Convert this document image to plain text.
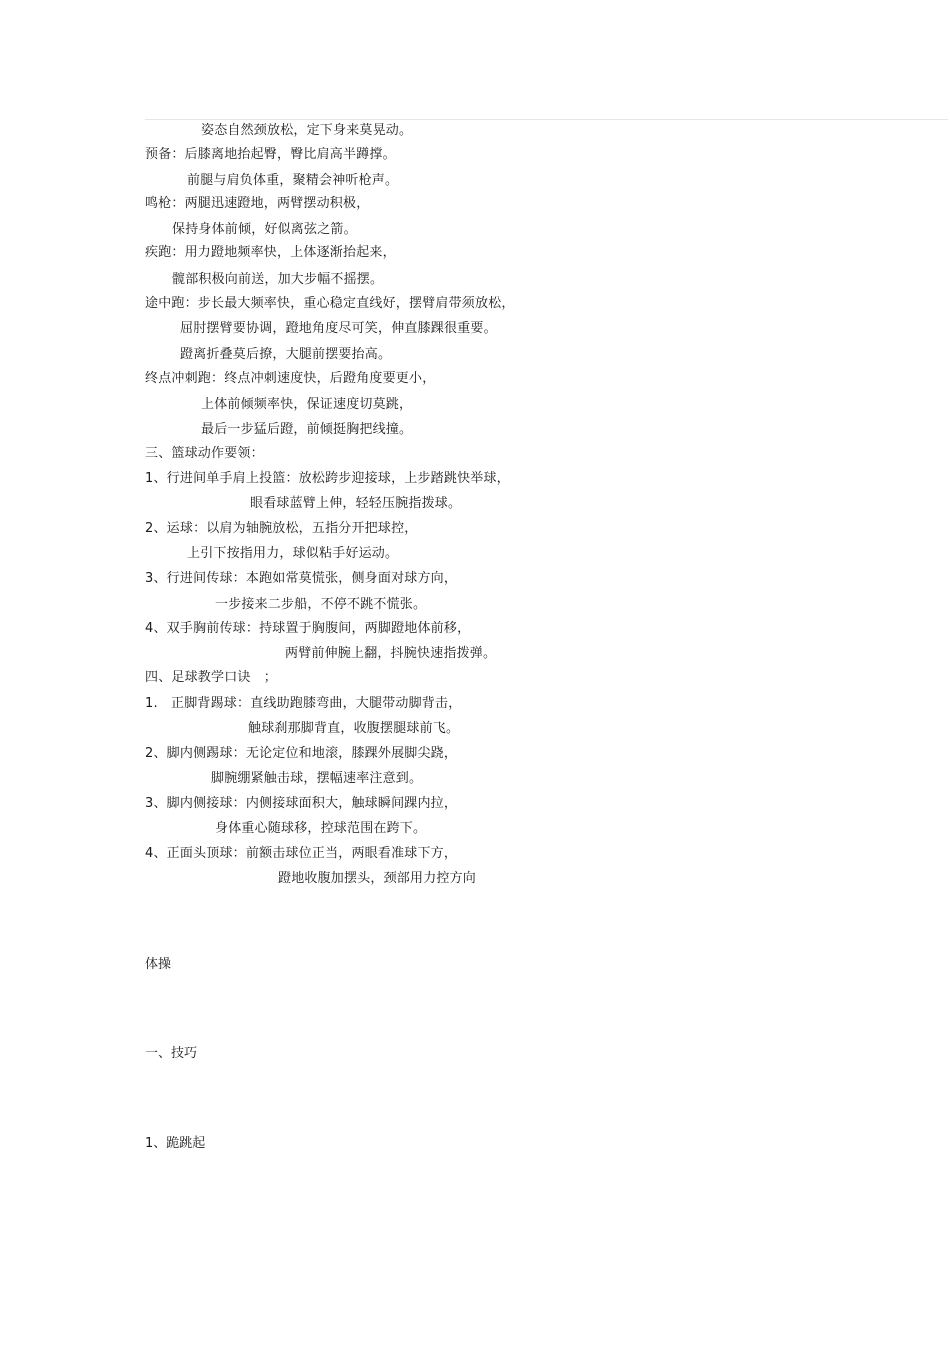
姿态自然颈放松，定下身来莫晃动。
预备：后膝离地抬起臀，臀比肩高半蹲撑。
前腿与肩负体重，聚精会神听枪声。
鸣枪：两腿迅速蹬地，两臂摆动积极，
保持身体前倾，好似离弦之箭。
疾跑：用力蹬地频率快，上体逐渐抬起来，
髋部积极向前送，加大步幅不摇摆。
途中跑：步长最大频率快，重心稳定直线好，摆臂肩带须放松，
屈肘摆臂要协调，蹬地角度尽可笑，伸直膝踝很重要。
蹬离折叠莫后撩，大腿前摆要抬高。
终点冲刺跑：终点冲刺速度快，后蹬角度要更小，
上体前倾频率快，保证速度切莫跳，
最后一步猛后蹬，前倾挺胸把线撞。
三、篮球动作要领：
1、行进间单手肩上投篮：放松跨步迎接球，上步踏跳快举球，
眼看球蓝臂上伸，轻轻压腕指拨球。
2、运球：以肩为轴腕放松，五指分开把球控，
上引下按指用力，球似粘手好运动。
3、行进间传球：本跑如常莫慌张，侧身面对球方向，
一步接来二步船，不停不跳不慌张。
4、双手胸前传球：持球置于胸腹间，两脚蹬地体前移，
两臂前伸腕上翻，抖腕快速指拨弹。
四、足球教学口诀　；
1.　正脚背踢球：直线助跑膝弯曲，大腿带动脚背击，
触球刹那脚背直，收腹摆腿球前飞。
2、脚内侧踢球：无论定位和地滚，膝踝外展脚尖跷，
脚腕绷紧触击球，摆幅速率注意到。
3、脚内侧接球：内侧接球面积大，触球瞬间踝内拉，
身体重心随球移，控球范围在跨下。
4、正面头顶球：前额击球位正当，两眼看准球下方，
蹬地收腹加摆头，颈部用力控方向
体操
一、技巧
1、跪跳起
